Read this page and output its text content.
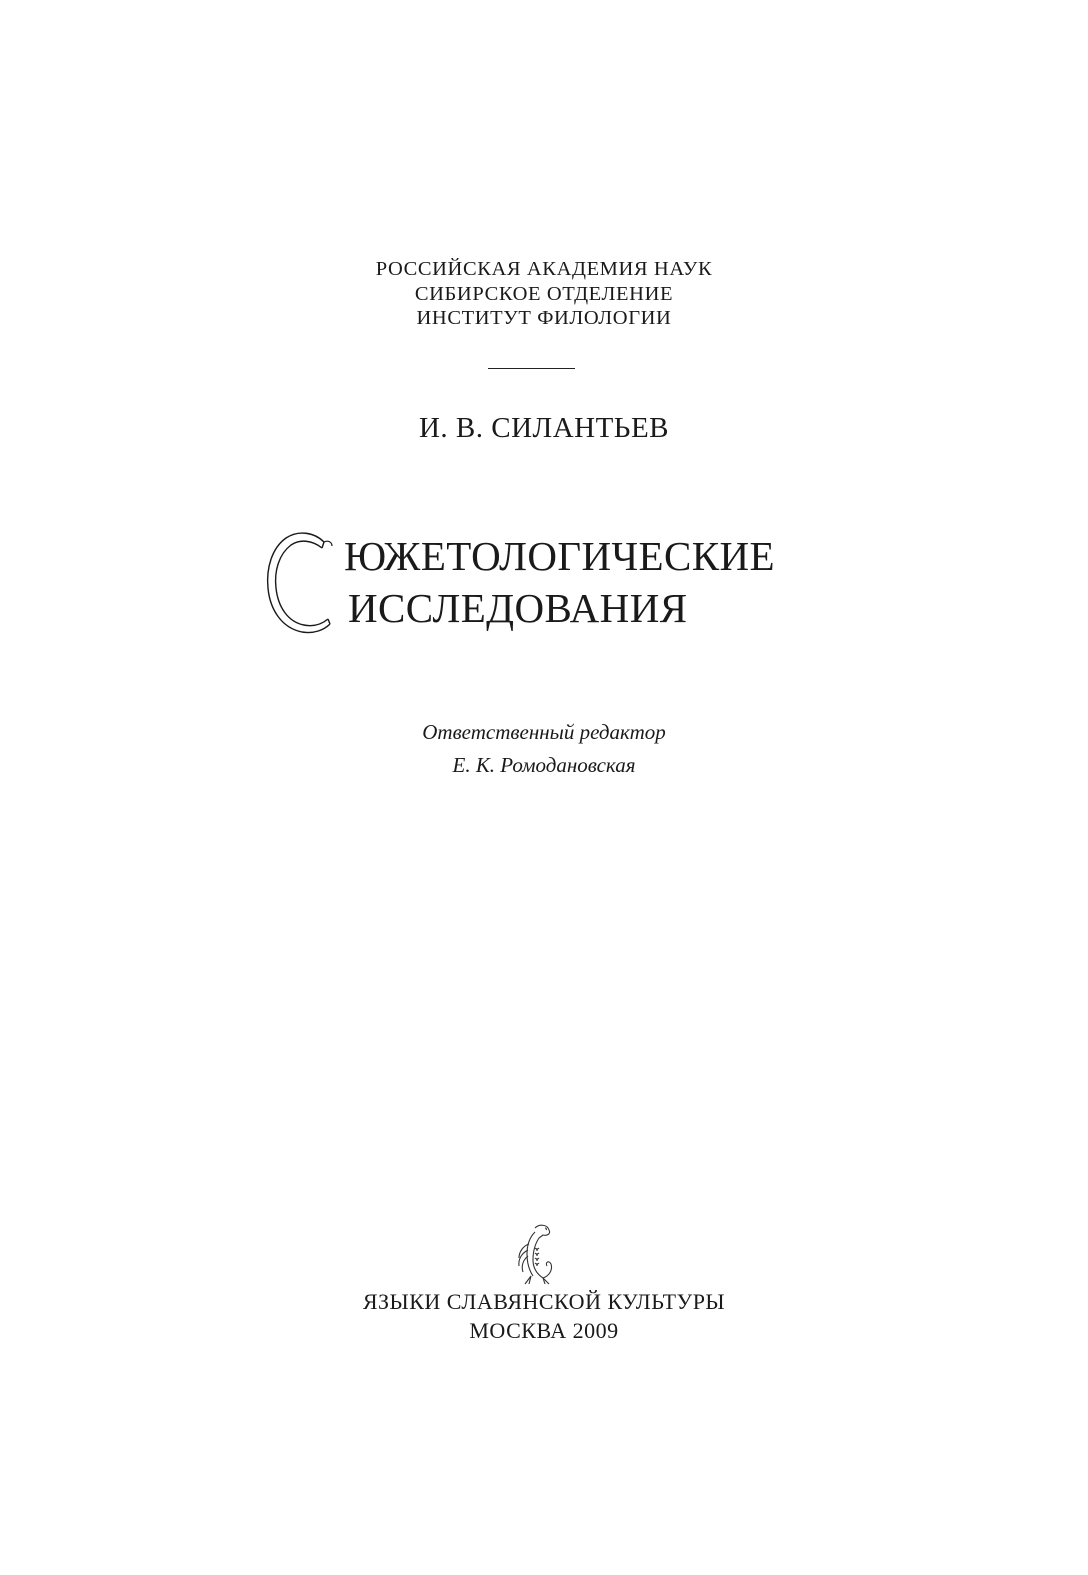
РОССИЙСКАЯ АКАДЕМИЯ НАУК
СИБИРСКОЕ ОТДЕЛЕНИЕ
ИНСТИТУТ ФИЛОЛОГИИ
И. В. СИЛАНТЬЕВ
ЮЖЕТОЛОГИЧЕСКИЕ
ИССЛЕДОВАНИЯ
Ответственный редактор
Е. К. Ромодановская
ЯЗЫКИ СЛАВЯНСКОЙ КУЛЬТУРЫ
МОСКВА 2009
